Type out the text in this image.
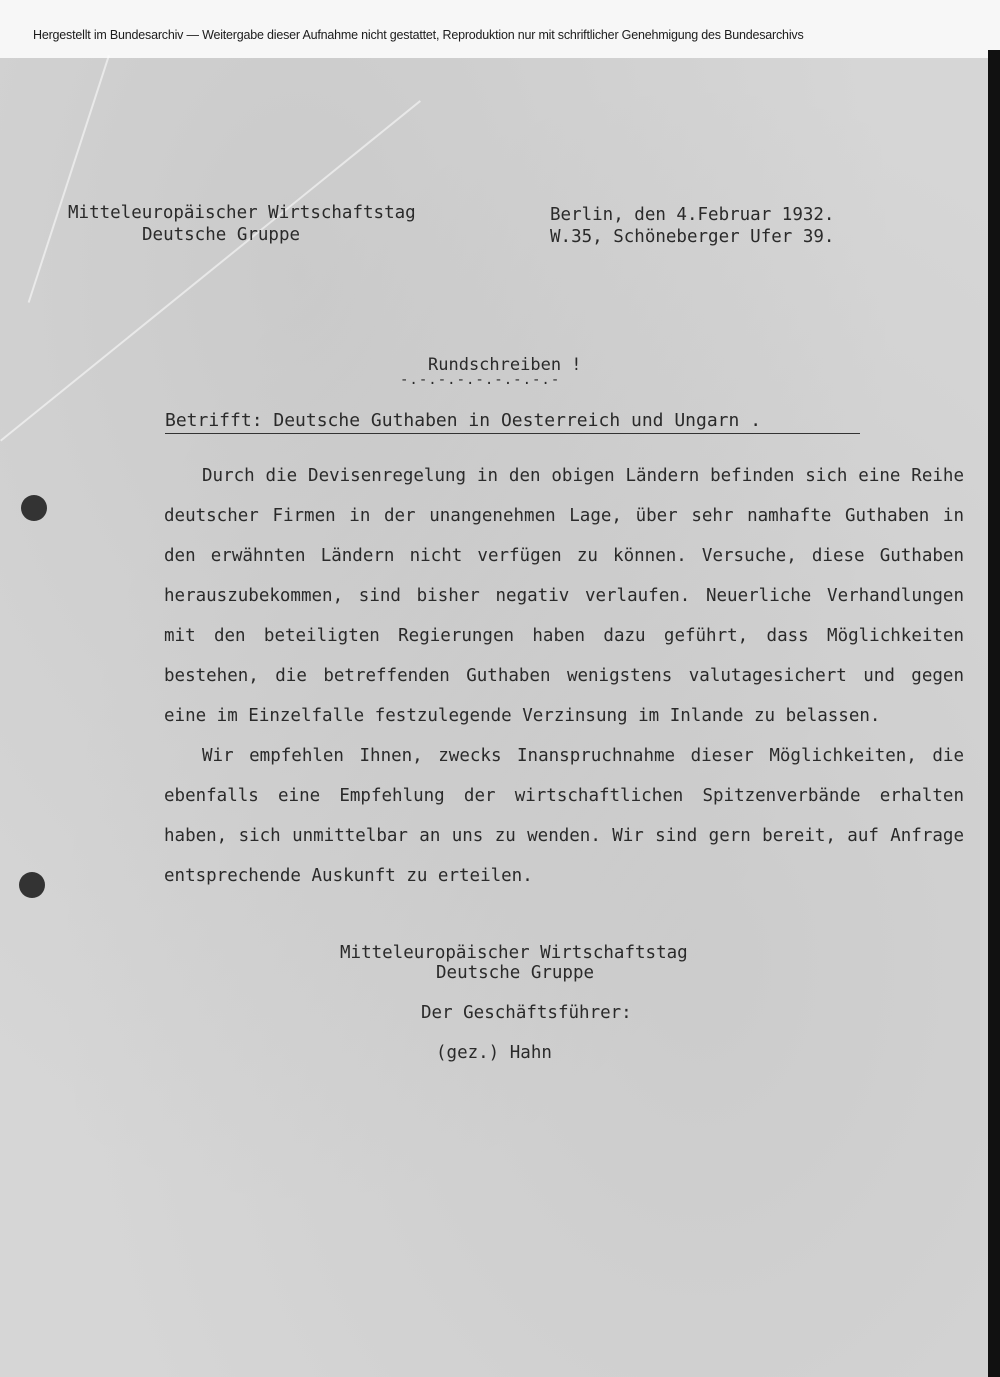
Hergestellt im Bundesarchiv — Weitergabe dieser Aufnahme nicht gestattet, Reproduktion nur mit schriftlicher Genehmigung des Bundesarchivs
Mitteleuropäischer Wirtschaftstag
Deutsche Gruppe
Berlin, den 4.Februar 1932.
W.35, Schöneberger Ufer 39.
Rundschreiben !
-.-.-.-.-.-.-.-.-
Betrifft: Deutsche Guthaben in Oesterreich und Ungarn .

Durch die Devisenregelung in den obigen Ländern befinden sich eine Reihe deutscher Firmen in der unangenehmen Lage, über sehr namhafte Guthaben in den erwähnten Ländern nicht verfügen zu können. Versuche, diese Guthaben herauszubekommen, sind bisher negativ verlaufen. Neuerliche Verhandlungen mit den beteiligten Regierungen haben dazu geführt, dass Möglichkeiten bestehen, die betreffenden Guthaben wenigstens valutagesichert und gegen eine im Einzelfalle festzulegende Verzinsung im Inlande zu belassen.

Wir empfehlen Ihnen, zwecks Inanspruchnahme dieser Möglichkeiten, die ebenfalls eine Empfehlung der wirtschaftlichen Spitzenverbände erhalten haben, sich unmittelbar an uns zu wenden. Wir sind gern bereit, auf Anfrage entsprechende Auskunft zu erteilen.

Mitteleuropäischer Wirtschaftstag
Deutsche Gruppe
Der Geschäftsführer:
(gez.) Hahn
